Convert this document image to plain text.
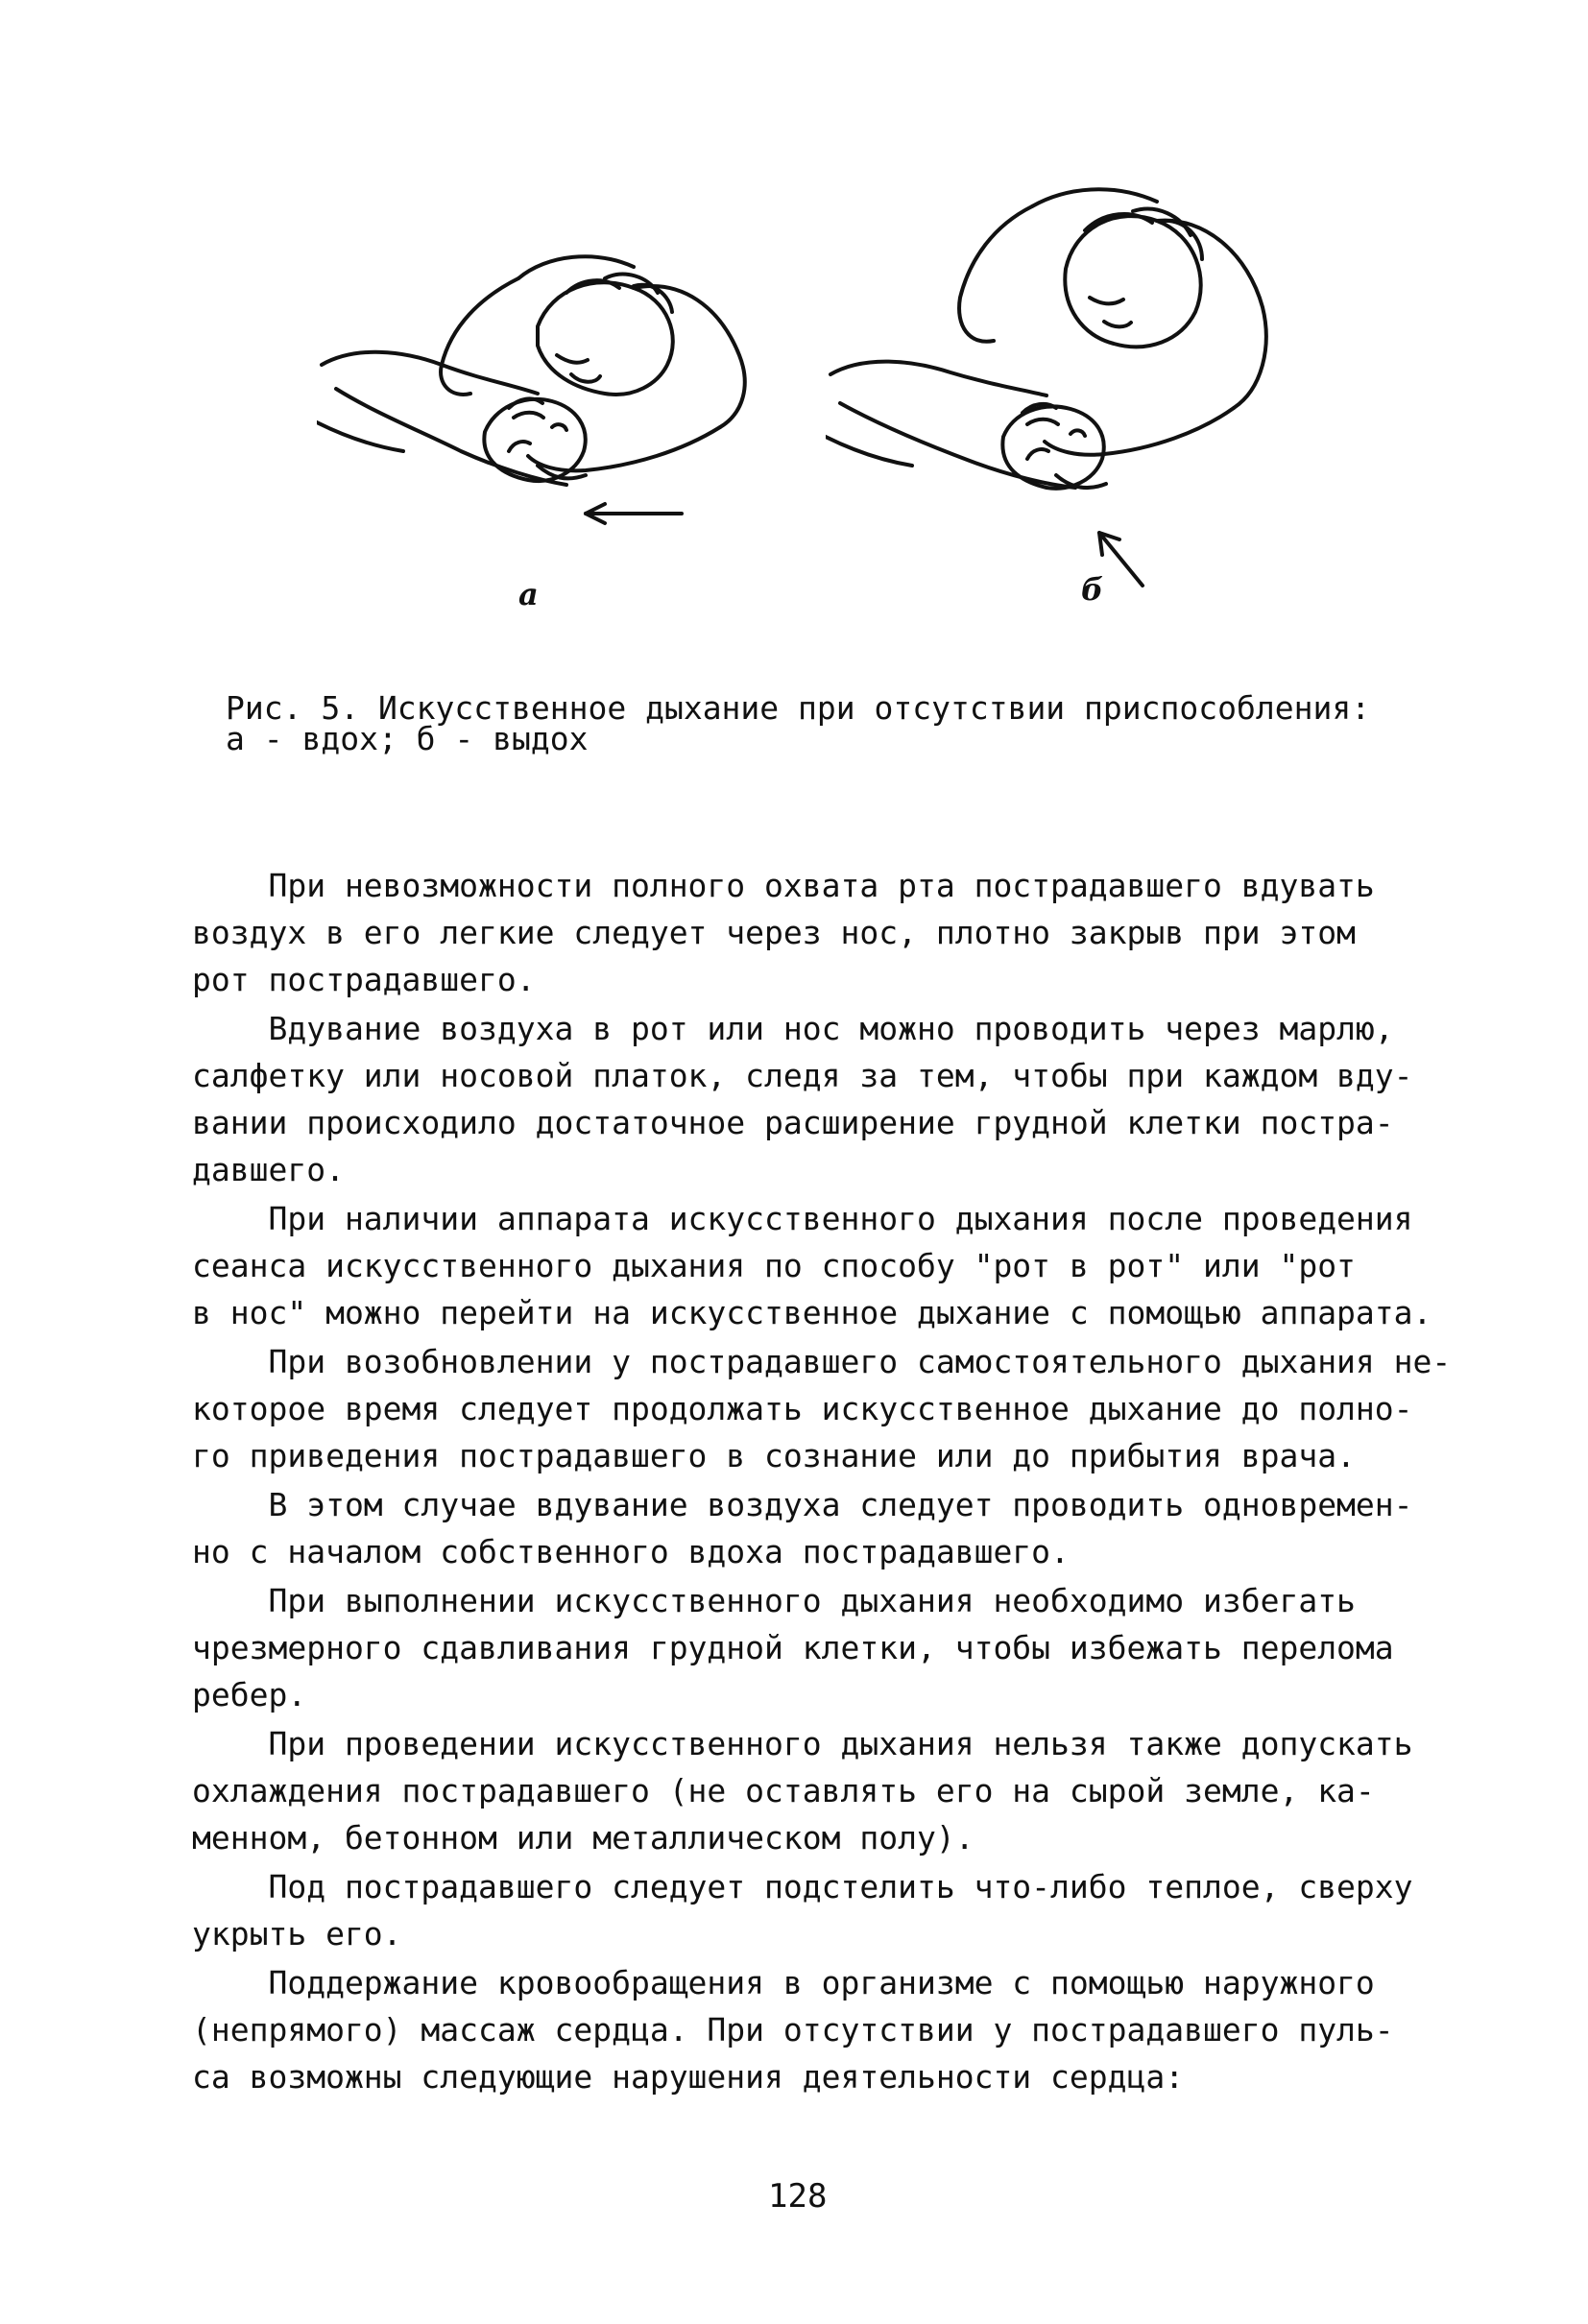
а	б
Рис. 5. Искусственное дыхание при отсутствии приспособления:
а - вдох; б - выдох
При невозможности полного охвата рта пострадавшего вдувать
воздух в его легкие следует через нос, плотно закрыв при этом
рот пострадавшего.
Вдувание воздуха в рот или нос можно проводить через марлю,
салфетку или носовой платок, следя за тем, чтобы при каждом вду-
вании происходило достаточное расширение грудной клетки постра-
давшего.
При наличии аппарата искусственного дыхания после проведения
сеанса искусственного дыхания по способу "рот в рот" или "рот
в нос" можно перейти на искусственное дыхание с помощью аппарата.
При возобновлении у пострадавшего самостоятельного дыхания не-
которое время следует продолжать искусственное дыхание до полно-
го приведения пострадавшего в сознание или до прибытия врача.
В этом случае вдувание воздуха следует проводить одновремен-
но с началом собственного вдоха пострадавшего.
При выполнении искусственного дыхания необходимо избегать
чрезмерного сдавливания грудной клетки, чтобы избежать перелома
ребер.
При проведении искусственного дыхания нельзя также допускать
охлаждения пострадавшего (не оставлять его на сырой земле, ка-
менном, бетонном или металлическом полу).
Под пострадавшего следует подстелить что-либо теплое, сверху
укрыть его.
Поддержание кровообращения в организме с помощью наружного
(непрямого) массаж сердца. При отсутствии у пострадавшего пуль-
са возможны следующие нарушения деятельности сердца:
128
